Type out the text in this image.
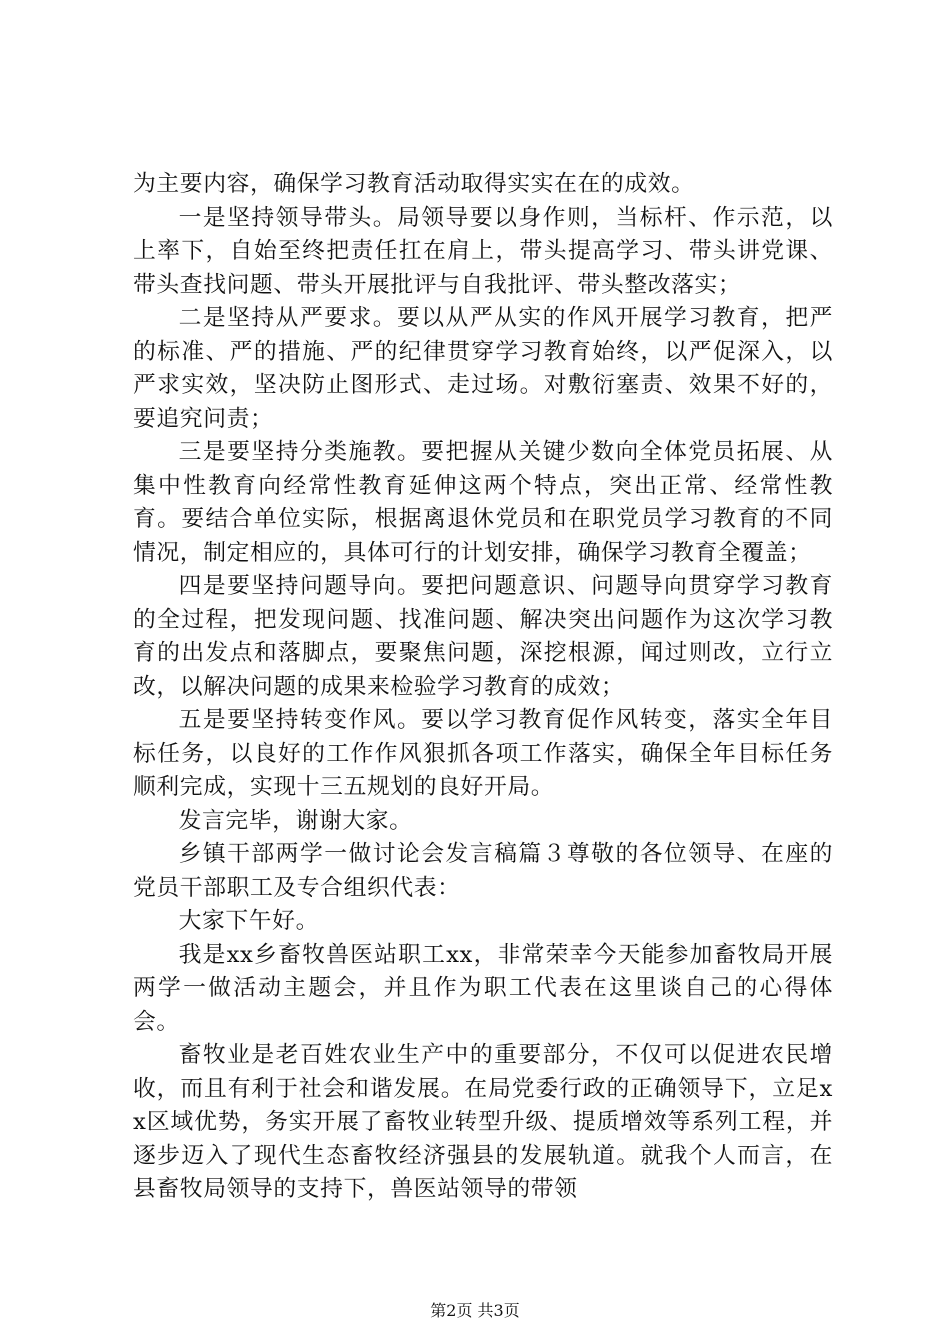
为主要内容，确保学习教育活动取得实实在在的成效。

一是坚持领导带头。局领导要以身作则，当标杆、作示范，以上率下，自始至终把责任扛在肩上，带头提高学习、带头讲党课、带头查找问题、带头开展批评与自我批评、带头整改落实；

二是坚持从严要求。要以从严从实的作风开展学习教育，把严的标准、严的措施、严的纪律贯穿学习教育始终，以严促深入，以严求实效，坚决防止图形式、走过场。对敷衍塞责、效果不好的，要追究问责；

三是要坚持分类施教。要把握从关键少数向全体党员拓展、从集中性教育向经常性教育延伸这两个特点，突出正常、经常性教育。要结合单位实际，根据离退休党员和在职党员学习教育的不同情况，制定相应的，具体可行的计划安排，确保学习教育全覆盖；

四是要坚持问题导向。要把问题意识、问题导向贯穿学习教育的全过程，把发现问题、找准问题、解决突出问题作为这次学习教育的出发点和落脚点，要聚焦问题，深挖根源，闻过则改，立行立改，以解决问题的成果来检验学习教育的成效；

五是要坚持转变作风。要以学习教育促作风转变，落实全年目标任务，以良好的工作作风狠抓各项工作落实，确保全年目标任务顺利完成，实现十三五规划的良好开局。

发言完毕，谢谢大家。

乡镇干部两学一做讨论会发言稿篇３尊敬的各位领导、在座的党员干部职工及专合组织代表：

大家下午好。

我是xx乡畜牧兽医站职工xx，非常荣幸今天能参加畜牧局开展两学一做活动主题会，并且作为职工代表在这里谈自己的心得体会。

畜牧业是老百姓农业生产中的重要部分，不仅可以促进农民增收，而且有利于社会和谐发展。在局党委行政的正确领导下，立足xx区域优势，务实开展了畜牧业转型升级、提质增效等系列工程，并逐步迈入了现代生态畜牧经济强县的发展轨道。就我个人而言，在县畜牧局领导的支持下，兽医站领导的带领

第2页 共3页
